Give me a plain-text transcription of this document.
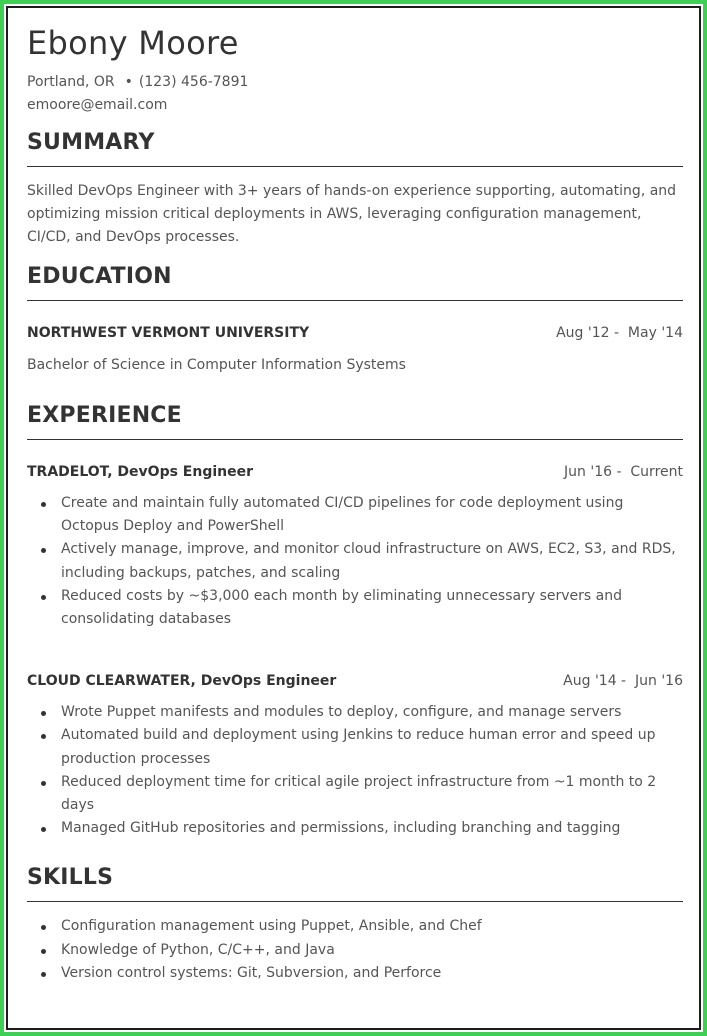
Ebony Moore
Portland, OR • (123) 456-7891
emoore@email.com
SUMMARY
Skilled DevOps Engineer with 3+ years of hands-on experience supporting, automating, and optimizing mission critical deployments in AWS, leveraging configuration management, CI/CD, and DevOps processes.
EDUCATION
NORTHWEST VERMONT UNIVERSITY	Aug '12 -  May '14
Bachelor of Science in Computer Information Systems
EXPERIENCE
TRADELOT, DevOps Engineer	Jun '16 -  Current
Create and maintain fully automated CI/CD pipelines for code deployment using Octopus Deploy and PowerShell
Actively manage, improve, and monitor cloud infrastructure on AWS, EC2, S3, and RDS, including backups, patches, and scaling
Reduced costs by ~$3,000 each month by eliminating unnecessary servers and consolidating databases
CLOUD CLEARWATER, DevOps Engineer	Aug '14 -  Jun '16
Wrote Puppet manifests and modules to deploy, configure, and manage servers
Automated build and deployment using Jenkins to reduce human error and speed up production processes
Reduced deployment time for critical agile project infrastructure from ~1 month to 2 days
Managed GitHub repositories and permissions, including branching and tagging
SKILLS
Configuration management using Puppet, Ansible, and Chef
Knowledge of Python, C/C++, and Java
Version control systems: Git, Subversion, and Perforce
